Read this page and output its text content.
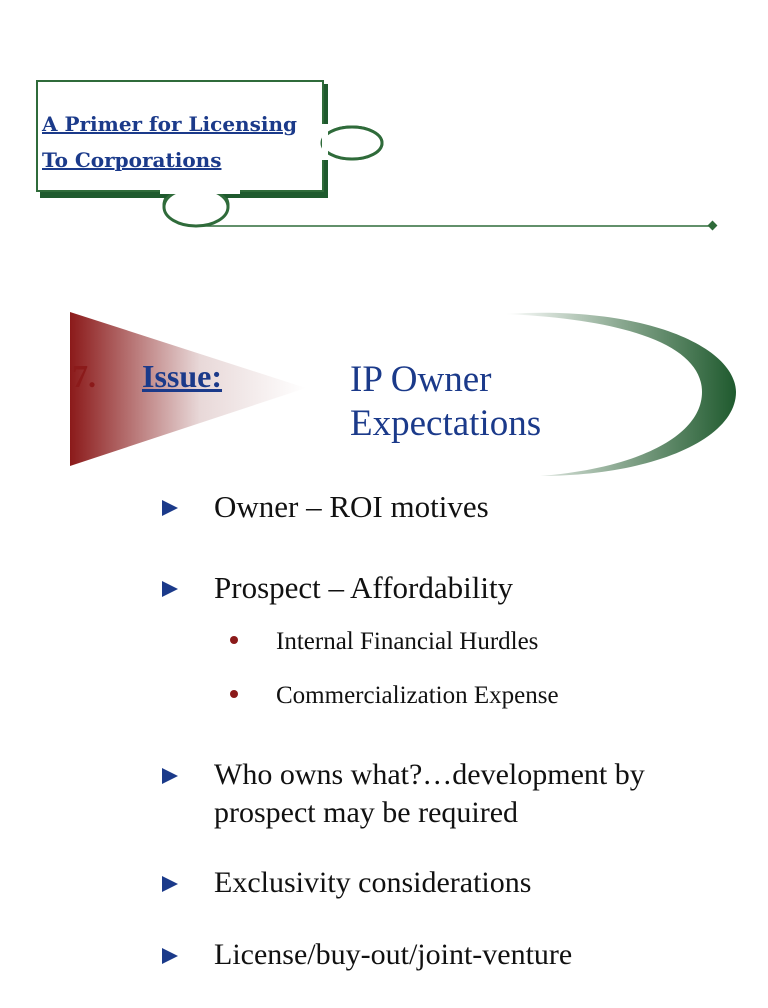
A Primer for Licensing
To Corporations
7. Issue:	IP Owner
Expectations
Owner – ROI motives
Prospect – Affordability
Internal Financial Hurdles
Commercialization Expense
Who owns what?…development by
prospect may be required
Exclusivity considerations
License/buy-out/joint-venture
